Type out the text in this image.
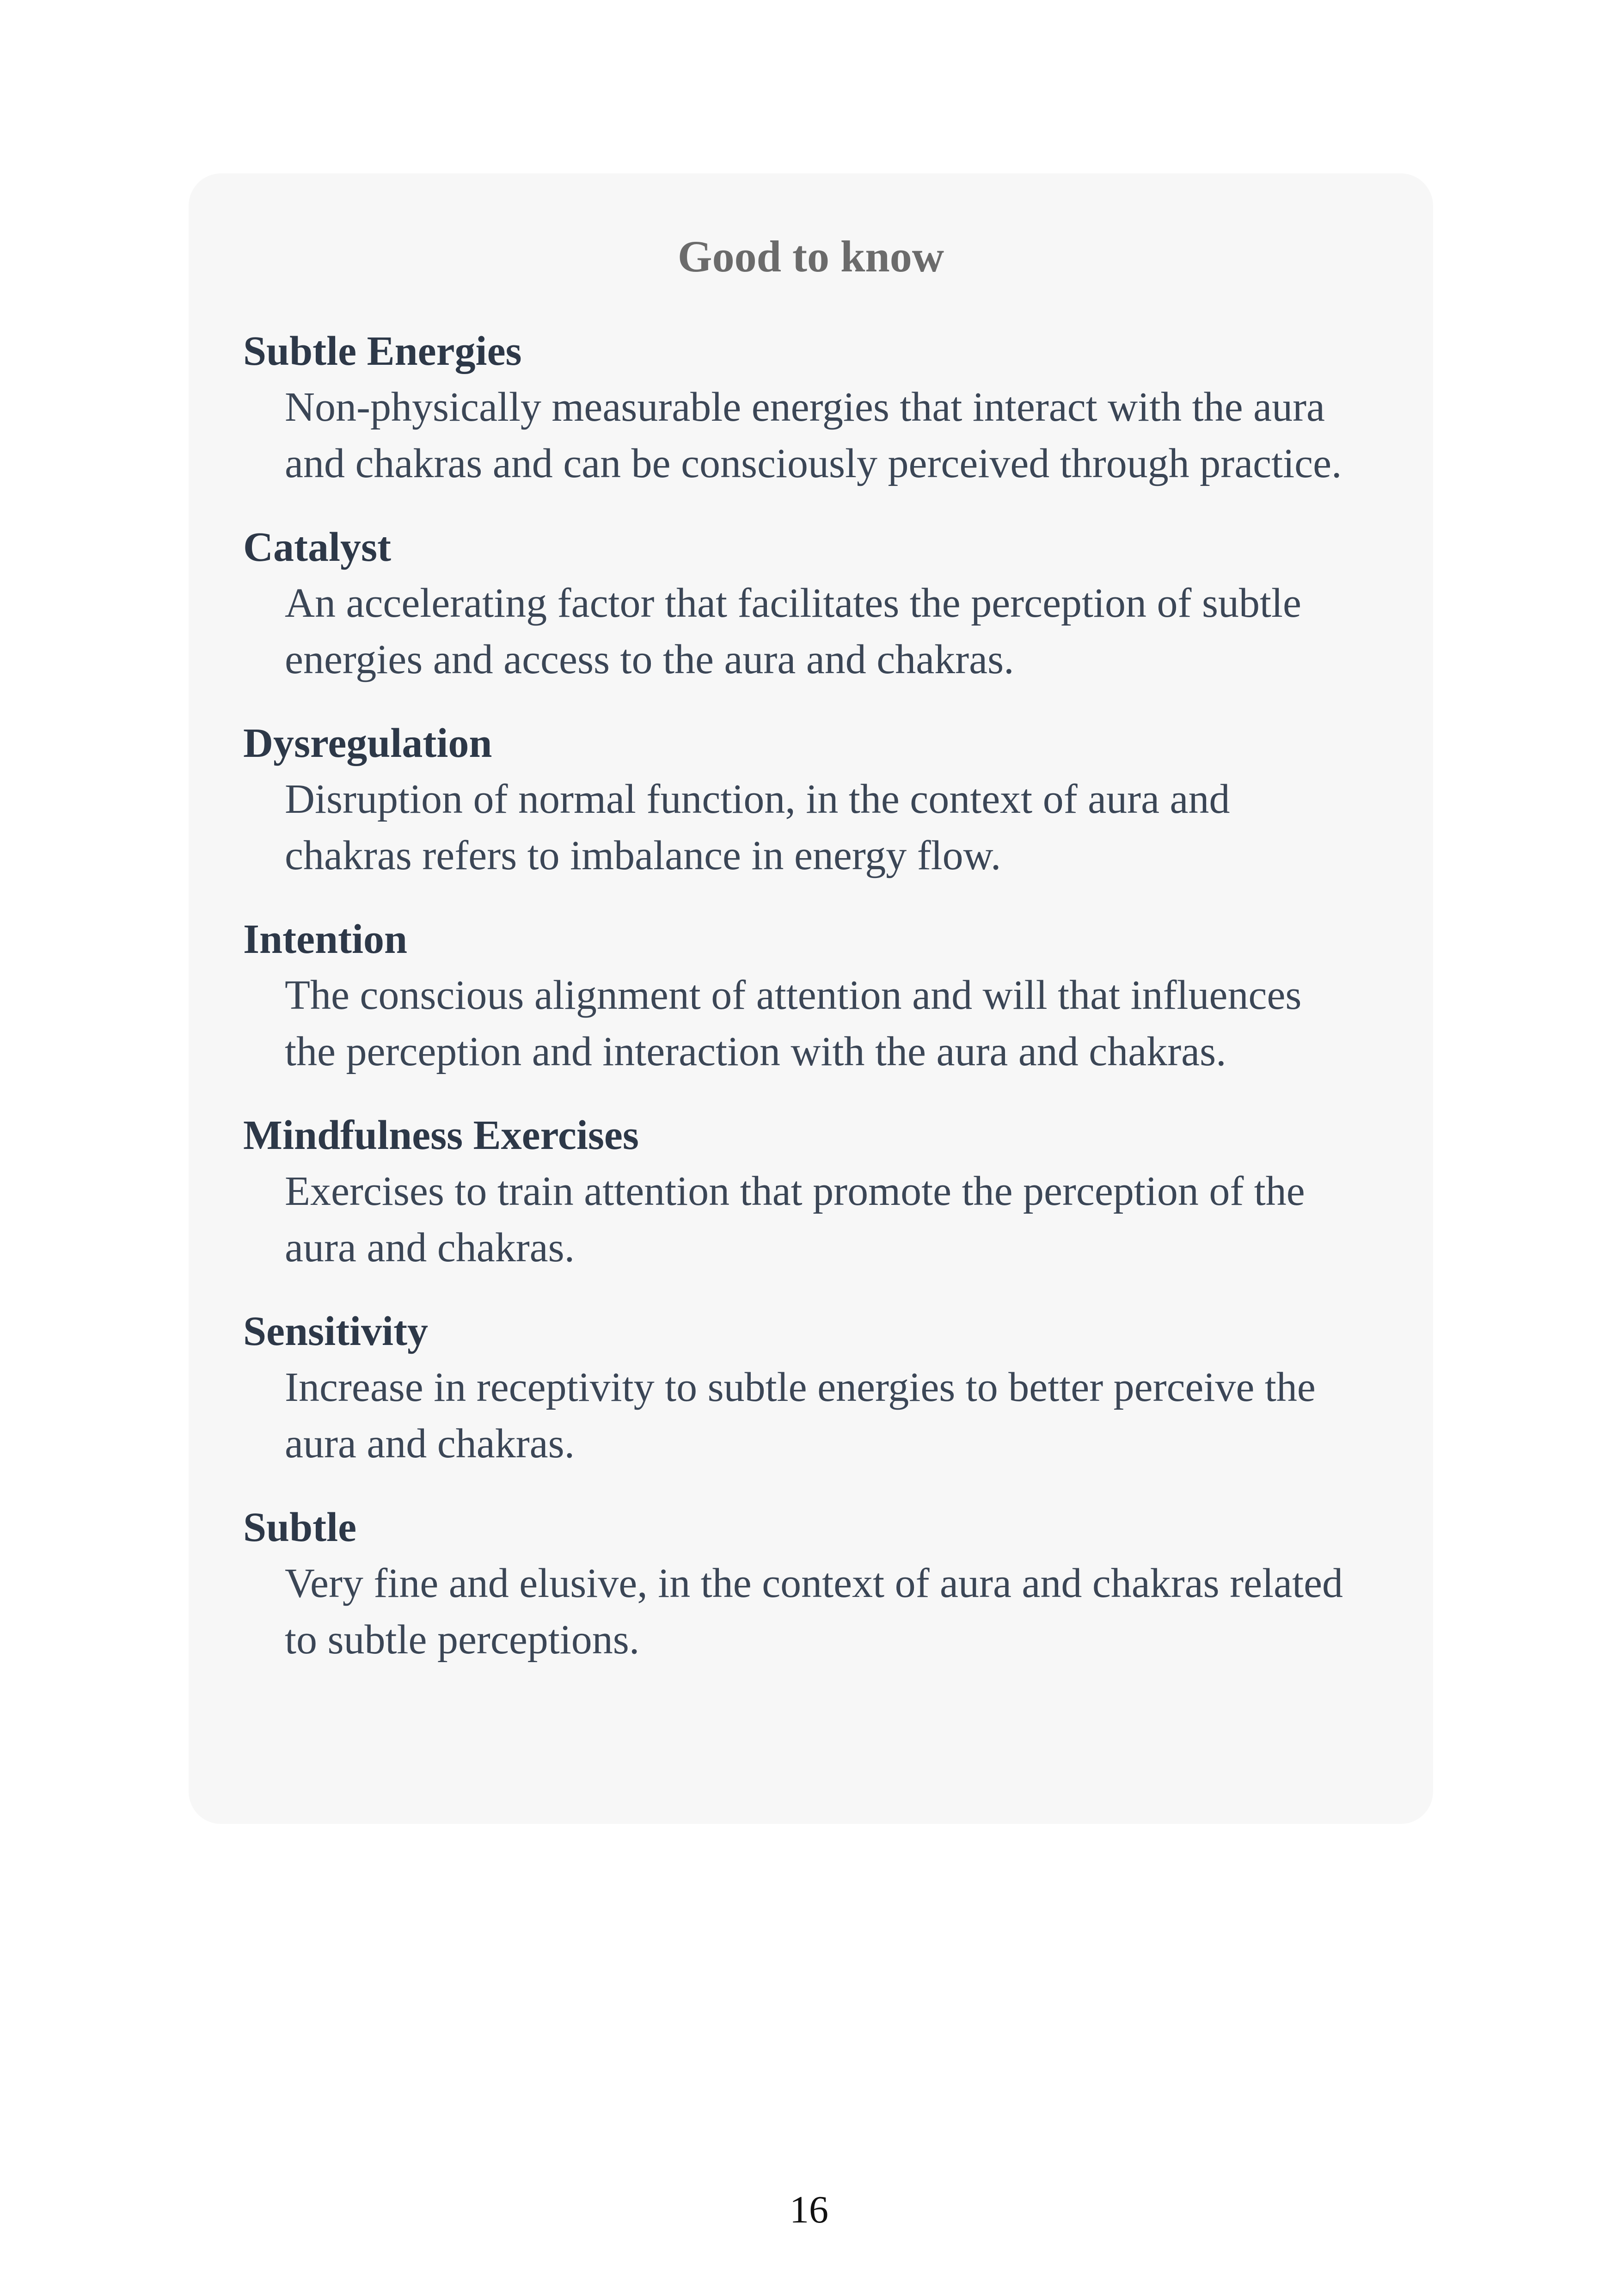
Good to know
Subtle Energies
Non-physically measurable energies that interact with the aura
and chakras and can be consciously perceived through practice.
Catalyst
An accelerating factor that facilitates the perception of subtle
energies and access to the aura and chakras.
Dysregulation
Disruption of normal function, in the context of aura and
chakras refers to imbalance in energy flow.
Intention
The conscious alignment of attention and will that influences
the perception and interaction with the aura and chakras.
Mindfulness Exercises
Exercises to train attention that promote the perception of the
aura and chakras.
Sensitivity
Increase in receptivity to subtle energies to better perceive the
aura and chakras.
Subtle
Very fine and elusive, in the context of aura and chakras related
to subtle perceptions.
16
